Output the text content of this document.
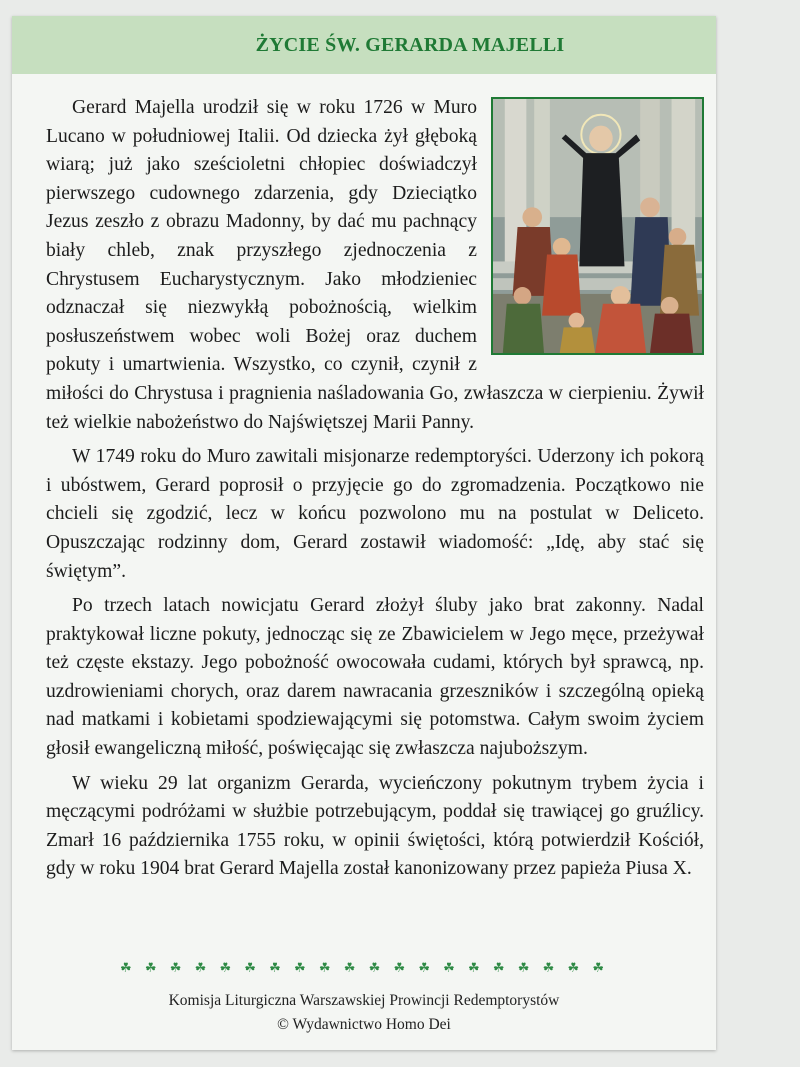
ŻYCIE ŚW. GERARDA MAJELLI

Gerard Majella urodził się w roku 1726 w Muro Lucano w południowej Italii. Od dziecka żył głęboką wiarą; już jako sześcioletni chłopiec doświadczył pierwszego cudownego zdarzenia, gdy Dzieciątko Jezus zeszło z obrazu Madonny, by dać mu pachnący biały chleb, znak przyszłego zjednoczenia z Chrystusem Eucharystycznym. Jako młodzieniec odznaczał się niezwykłą pobożnością, wielkim posłuszeństwem wobec woli Bożej oraz duchem pokuty i umartwienia. Wszystko, co czynił, czynił z miłości do Chrystusa i pragnienia naśladowania Go, zwłaszcza w cierpieniu. Żywił też wielkie nabożeństwo do Najświętszej Marii Panny.

W 1749 roku do Muro zawitali misjonarze redemptoryści. Uderzony ich pokorą i ubóstwem, Gerard poprosił o przyjęcie go do zgromadzenia. Początkowo nie chcieli się zgodzić, lecz w końcu pozwolono mu na postulat w Deliceto. Opuszczając rodzinny dom, Gerard zostawił wiadomość: „Idę, aby stać się świętym”.

Po trzech latach nowicjatu Gerard złożył śluby jako brat zakonny. Nadal praktykował liczne pokuty, jednocząc się ze Zbawicielem w Jego męce, przeżywał też częste ekstazy. Jego pobożność owocowała cudami, których był sprawcą, np. uzdrowieniami chorych, oraz darem nawracania grzeszników i szczególną opieką nad matkami i kobietami spodziewającymi się potomstwa. Całym swoim życiem głosił ewangeliczną miłość, poświęcając się zwłaszcza najuboższym.

W wieku 29 lat organizm Gerarda, wycieńczony pokutnym trybem życia i męczącymi podróżami w służbie potrzebującym, poddał się trawiącej go gruźlicy. Zmarł 16 października 1755 roku, w opinii świętości, którą potwierdził Kościół, gdy w roku 1904 brat Gerard Majella został kanonizowany przez papieża Piusa X.

☘ ☘ ☘ ☘ ☘ ☘ ☘ ☘ ☘ ☘ ☘ ☘ ☘ ☘ ☘ ☘ ☘ ☘ ☘ ☘
Komisja Liturgiczna Warszawskiej Prowincji Redemptorystów
© Wydawnictwo Homo Dei
